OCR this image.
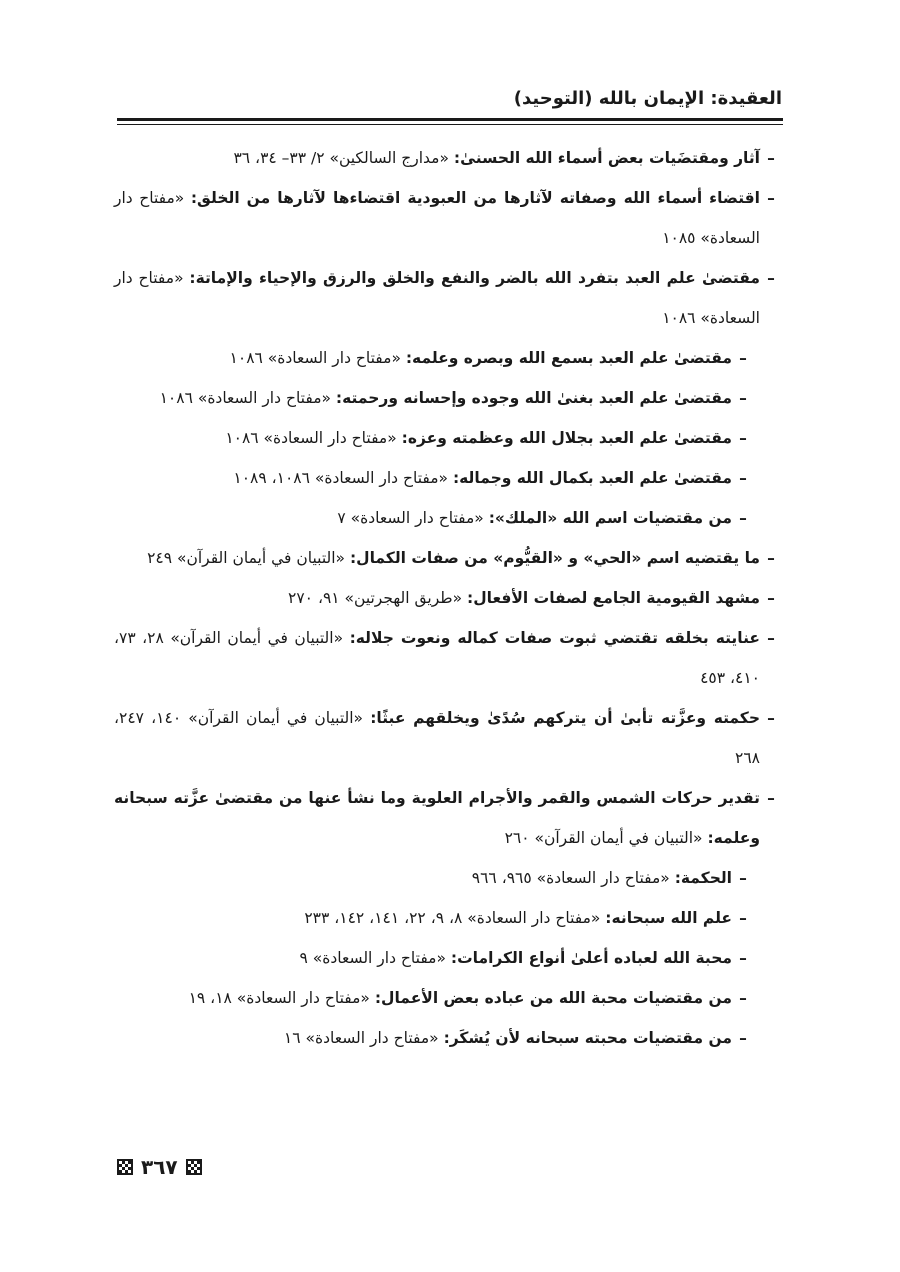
العقيدة: الإيمان بالله (التوحيد)
–
آثار ومقتضَيات بعض أسماء الله الحسنىٰ: «مدارج السالكين» ٢/ ٣٣– ٣٤، ٣٦
–
اقتضاء أسماء الله وصفاته لآثارها من العبودية اقتضاءها لآثارها من الخلق: «مفتاح دار السعادة» ١٠٨٥
–
مقتضىٰ علم العبد بتفرد الله بالضر والنفع والخلق والرزق والإحياء والإماتة: «مفتاح دار السعادة» ١٠٨٦
–
مقتضىٰ علم العبد بسمع الله وبصره وعلمه: «مفتاح دار السعادة» ١٠٨٦
–
مقتضىٰ علم العبد بغنىٰ الله وجوده وإحسانه ورحمته: «مفتاح دار السعادة» ١٠٨٦
–
مقتضىٰ علم العبد بجلال الله وعظمته وعزه: «مفتاح دار السعادة» ١٠٨٦
–
مقتضىٰ علم العبد بكمال الله وجماله: «مفتاح دار السعادة» ١٠٨٦، ١٠٨٩
–
من مقتضيات اسم الله «الملك»: «مفتاح دار السعادة» ٧
–
ما يقتضيه اسم «الحي» و «القيُّوم» من صفات الكمال: «التبيان في أيمان القرآن» ٢٤٩
–
مشهد القيومية الجامع لصفات الأفعال: «طريق الهجرتين» ٩١، ٢٧٠
–
عنايته بخلقه تقتضي ثبوت صفات كماله ونعوت جلاله: «التبيان في أيمان القرآن» ٢٨، ٧٣، ٤١٠، ٤٥٣
–
حكمته وعزَّته تأبىٰ أن يتركهم سُدًىٰ ويخلقهم عبثًا: «التبيان في أيمان القرآن» ١٤٠، ٢٤٧، ٢٦٨
–
تقدير حركات الشمس والقمر والأجرام العلوية وما نشأ عنها من مقتضىٰ عزَّته سبحانه وعلمه: «التبيان في أيمان القرآن» ٢٦٠
–
الحكمة: «مفتاح دار السعادة» ٩٦٥، ٩٦٦
–
علم الله سبحانه: «مفتاح دار السعادة» ٨، ٩، ٢٢، ١٤١، ١٤٢، ٢٣٣
–
محبة الله لعباده أعلىٰ أنواع الكرامات: «مفتاح دار السعادة» ٩
–
من مقتضيات محبة الله من عباده بعض الأعمال: «مفتاح دار السعادة» ١٨، ١٩
–
من مقتضيات محبته سبحانه لأن يُشكَر: «مفتاح دار السعادة» ١٦
٣٦٧
